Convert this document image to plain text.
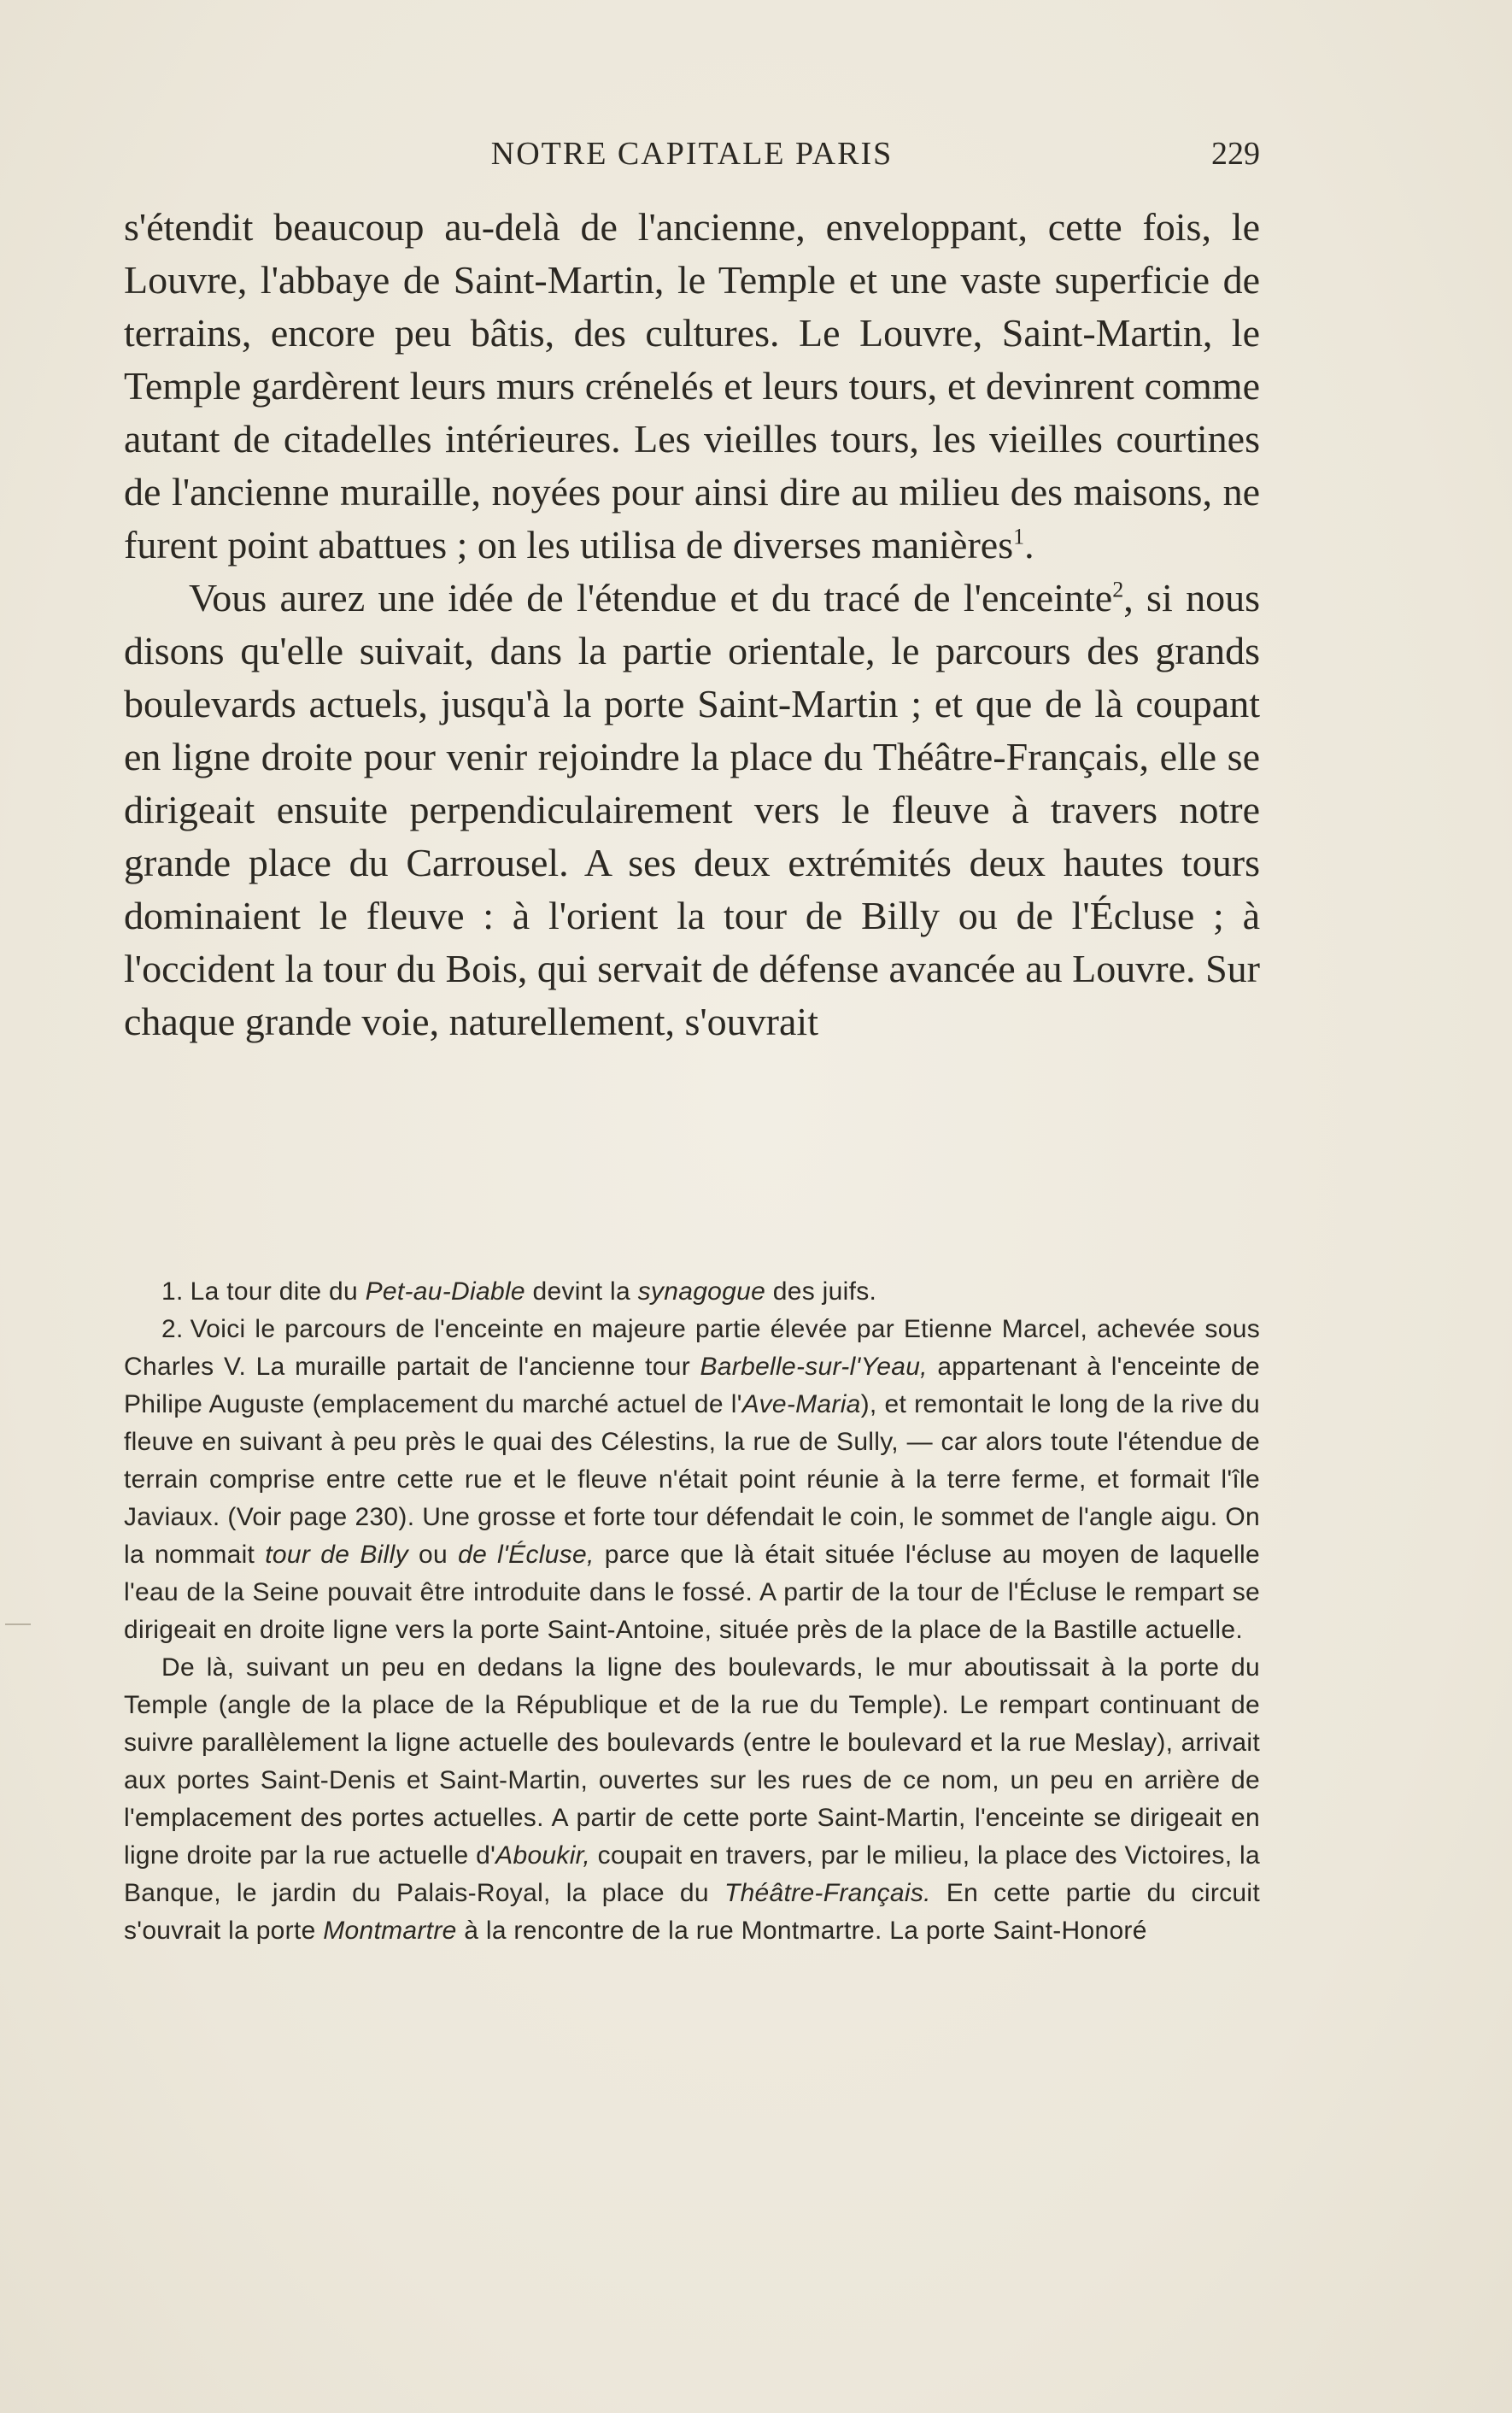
NOTRE CAPITALE PARIS	229

s'étendit beaucoup au-delà de l'ancienne, enveloppant, cette fois, le Louvre, l'abbaye de Saint-Martin, le Temple et une vaste superficie de terrains, encore peu bâtis, des cultures. Le Louvre, Saint-Martin, le Temple gardèrent leurs murs crénelés et leurs tours, et devinrent comme autant de citadelles intérieures. Les vieilles tours, les vieilles courtines de l'ancienne muraille, noyées pour ainsi dire au milieu des maisons, ne furent point abattues ; on les utilisa de diverses manières$^1$.

Vous aurez une idée de l'étendue et du tracé de l'enceinte$^2$, si nous disons qu'elle suivait, dans la partie orientale, le parcours des grands boulevards actuels, jusqu'à la porte Saint-Martin ; et que de là coupant en ligne droite pour venir rejoindre la place du Théâtre-Français, elle se dirigeait ensuite perpendiculairement vers le fleuve à travers notre grande place du Carrousel. A ses deux extrémités deux hautes tours dominaient le fleuve : à l'orient la tour de Billy ou de l'Écluse ; à l'occident la tour du Bois, qui servait de défense avancée au Louvre. Sur chaque grande voie, naturellement, s'ouvrait

1. La tour dite du Pet-au-Diable devint la synagogue des juifs.

2. Voici le parcours de l'enceinte en majeure partie élevée par Etienne Marcel, achevée sous Charles V. La muraille partait de l'ancienne tour Barbelle-sur-l'Yeau, appartenant à l'enceinte de Philipe Auguste (emplacement du marché actuel de l'Ave-Maria), et remontait le long de la rive du fleuve en suivant à peu près le quai des Célestins, la rue de Sully, — car alors toute l'étendue de terrain comprise entre cette rue et le fleuve n'était point réunie à la terre ferme, et formait l'île Javiaux. (Voir page 230). Une grosse et forte tour défendait le coin, le sommet de l'angle aigu. On la nommait tour de Billy ou de l'Écluse, parce que là était située l'écluse au moyen de laquelle l'eau de la Seine pouvait être introduite dans le fossé. A partir de la tour de l'Écluse le rempart se dirigeait en droite ligne vers la porte Saint-Antoine, située près de la place de la Bastille actuelle.

De là, suivant un peu en dedans la ligne des boulevards, le mur aboutissait à la porte du Temple (angle de la place de la République et de la rue du Temple). Le rempart continuant de suivre parallèlement la ligne actuelle des boulevards (entre le boulevard et la rue Meslay), arrivait aux portes Saint-Denis et Saint-Martin, ouvertes sur les rues de ce nom, un peu en arrière de l'emplacement des portes actuelles. A partir de cette porte Saint-Martin, l'enceinte se dirigeait en ligne droite par la rue actuelle d'Aboukir, coupait en travers, par le milieu, la place des Victoires, la Banque, le jardin du Palais-Royal, la place du Théâtre-Français. En cette partie du circuit s'ouvrait la porte Montmartre à la rencontre de la rue Montmartre. La porte Saint-Honoré
